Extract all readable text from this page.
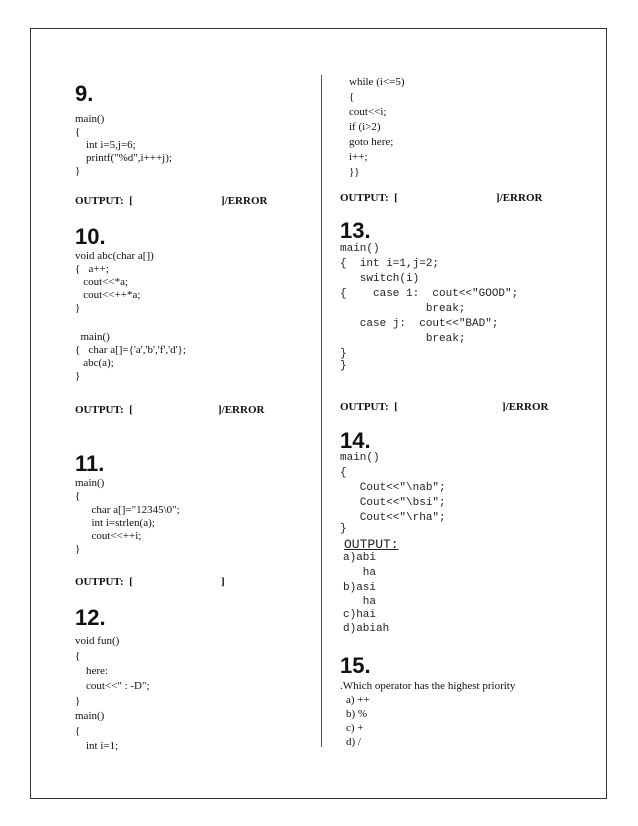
9.
main()
{
int i=5,j=6;
printf("%d",i+++j);
}
OUTPUT:  [	]/ERROR
10.
void abc(char a[])
{   a++;
cout<<*a;
cout<<++*a;
}
main()
{   char a[]={'a','b','f','d'};
abc(a);
}
OUTPUT:  [	]/ERROR
11.
main()
{
char a[]="12345\0";
int i=strlen(a);
cout<<++i;
}
OUTPUT:  [	]
12.
void fun()
{
here:
cout<<" : -D";
}
main()
{
int i=1;
while (i<=5)
{
cout<<i;
if (i>2)
goto here;
i++;
}}
OUTPUT:  [	]/ERROR
13.
main()
{  int i=1,j=2;
switch(i)
{    case 1:  cout<<"GOOD";
break;
case j:  cout<<"BAD";
break;
}
}
OUTPUT:  [	]/ERROR
14.
main()
{
Cout<<"\nab";
Cout<<"\bsi";
Cout<<"\rha";
}
OUTPUT:
a)abi
ha
b)asi
ha
c)hai
d)abiah
15.
.Which operator has the highest priority
a) ++
b) %
c) +
d) /
